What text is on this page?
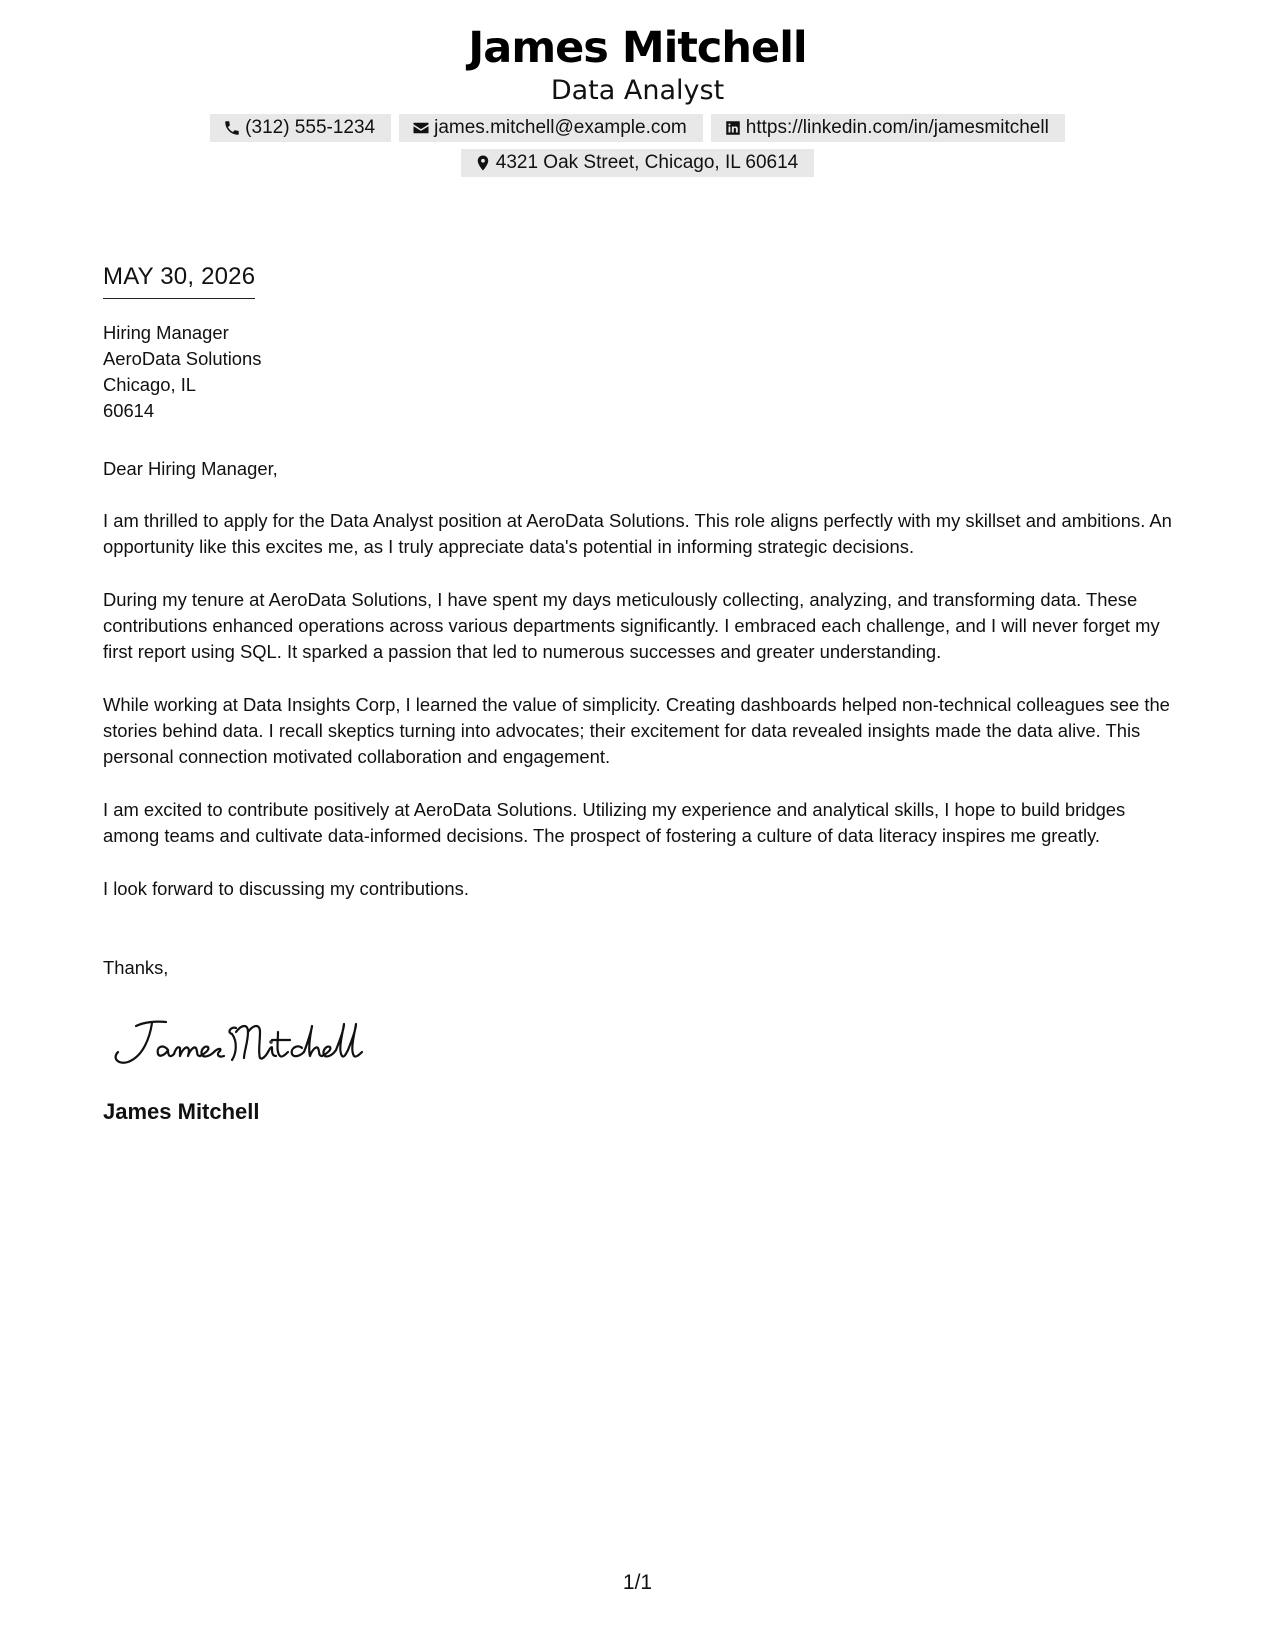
James Mitchell
Data Analyst
(312) 555-1234	james.mitchell@example.com	https://linkedin.com/in/jamesmitchell
4321 Oak Street, Chicago, IL 60614
MAY 30, 2026
Hiring Manager
AeroData Solutions
Chicago, IL
60614
Dear Hiring Manager,
I am thrilled to apply for the Data Analyst position at AeroData Solutions. This role aligns perfectly with my skillset and ambitions. An opportunity like this excites me, as I truly appreciate data's potential in informing strategic decisions.
During my tenure at AeroData Solutions, I have spent my days meticulously collecting, analyzing, and transforming data. These contributions enhanced operations across various departments significantly. I embraced each challenge, and I will never forget my first report using SQL. It sparked a passion that led to numerous successes and greater understanding.
While working at Data Insights Corp, I learned the value of simplicity. Creating dashboards helped non-technical colleagues see the stories behind data. I recall skeptics turning into advocates; their excitement for data revealed insights made the data alive. This personal connection motivated collaboration and engagement.
I am excited to contribute positively at AeroData Solutions. Utilizing my experience and analytical skills, I hope to build bridges among teams and cultivate data-informed decisions. The prospect of fostering a culture of data literacy inspires me greatly.
I look forward to discussing my contributions.
Thanks,
James Mitchell
1/1
